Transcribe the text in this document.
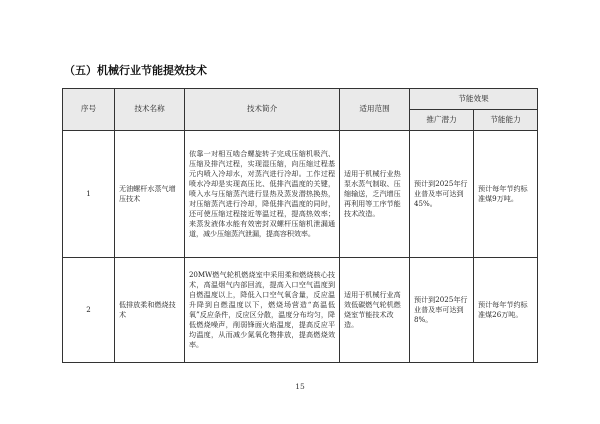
（五）机械行业节能提效技术
序号	技术名称	技术简介	适用范围	节能效果	
				推广潜力	节能能力
1	无油螺杆水蒸气增压技术	依靠一对相互啮合螺旋转子完成压缩机吸汽、压缩及排汽过程，实现湿压缩，向压缩过程基元内喷入冷却水，对蒸汽进行冷却。工作过程喷水冷却是实现高压比、低排汽温度的关键，喷入水与压缩蒸汽进行显热及蒸发潜热换热，对压缩蒸汽进行冷却，降低排汽温度的同时，还可使压缩过程接近等温过程，提高热效率；来蒸发液体水能有效密封双螺杆压缩机泄漏通道，减少压缩蒸汽泄漏，提高容积效率。	适用于机械行业热泵水蒸气制取、压缩输送，乏汽增压再利用等工序节能技术改造。	预计到2025年行业普及率可达到45%。	预计每年节约标准煤9万吨。
2	低排放柔和燃烧技术	20MW燃气轮机燃烧室中采用柔和燃烧核心技术，高温烟气内部回流，提高入口空气温度到自燃温度以上，降低入口空气氧含量，反应温升降到自燃温度以下，燃烧场营造“高温低氧”反应条件，反应区分散，温度分布均匀，降低燃烧噪声，削弱锋面火焰温度，提高反应平均温度，从而减少氮氧化物排放，提高燃烧效率。	适用于机械行业高效低碳燃气轮机燃烧室节能技术改造。	预计到2025年行业普及率可达到8%。	预计每年节约标准煤26万吨。
15
